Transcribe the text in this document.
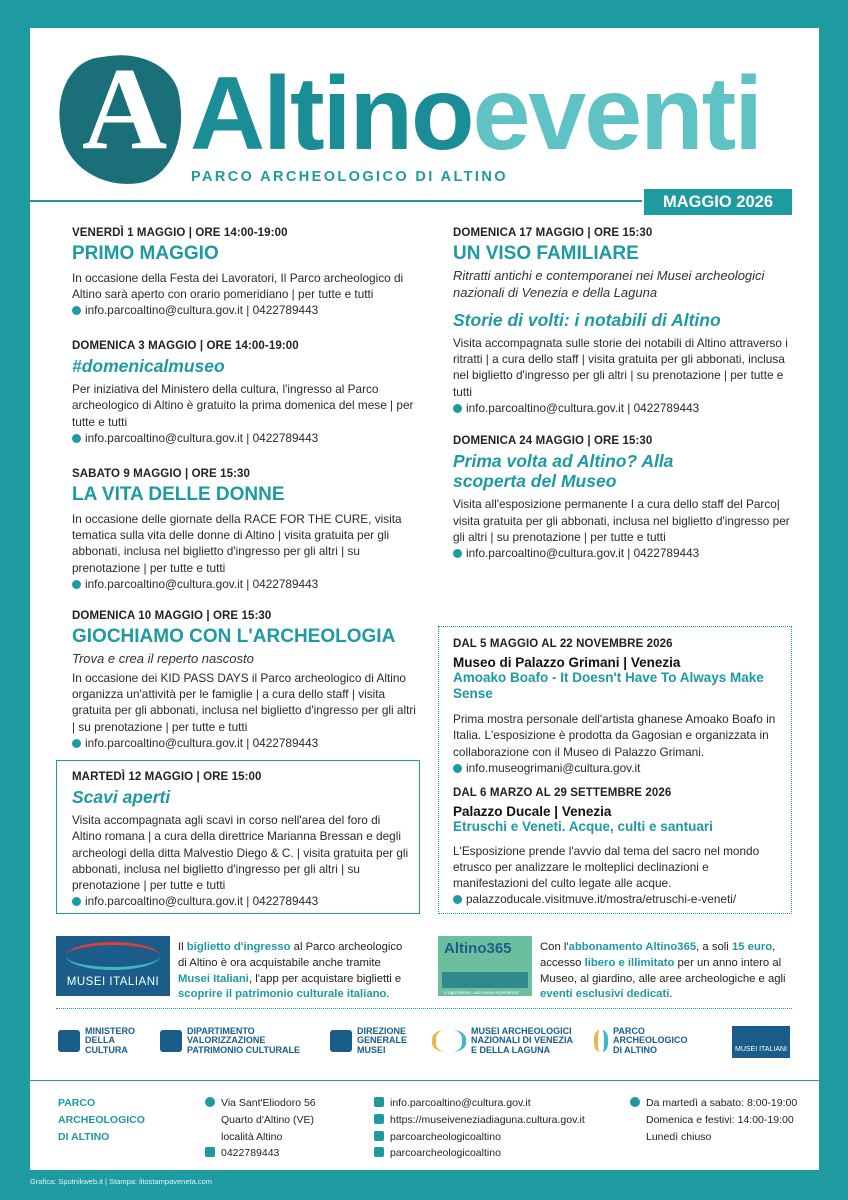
A Altinoeventi
PARCO ARCHEOLOGICO DI ALTINO
MAGGIO 2026
VENERDÌ 1 MAGGIO | ORE 14:00-19:00
PRIMO MAGGIO
In occasione della Festa dei Lavoratori, Il Parco archeologico di Altino sarà aperto con orario pomeridiano | per tutte e tutti
info.parcoaltino@cultura.gov.it | 0422789443
DOMENICA 3 MAGGIO | ORE 14:00-19:00
#domenicalmuseo
Per iniziativa del Ministero della cultura, l'ingresso al Parco archeologico di Altino è gratuito la prima domenica del mese | per tutte e tutti
info.parcoaltino@cultura.gov.it | 0422789443
SABATO 9 MAGGIO | ORE 15:30
LA VITA DELLE DONNE
In occasione delle giornate della RACE FOR THE CURE, visita tematica sulla vita delle donne di Altino | visita gratuita per gli abbonati, inclusa nel biglietto d'ingresso per gli altri | su prenotazione | per tutte e tutti
info.parcoaltino@cultura.gov.it | 0422789443
DOMENICA 10 MAGGIO | ORE 15:30
GIOCHIAMO CON L'ARCHEOLOGIA
Trova e crea il reperto nascosto
In occasione dei KID PASS DAYS il Parco archeologico di Altino organizza un'attività per le famiglie | a cura dello staff | visita gratuita per gli abbonati, inclusa nel biglietto d'ingresso per gli altri | su prenotazione | per tutte e tutti
info.parcoaltino@cultura.gov.it | 0422789443
MARTEDÌ 12 MAGGIO | ORE 15:00
Scavi aperti
Visita accompagnata agli scavi in corso nell'area del foro di Altino romana | a cura della direttrice Marianna Bressan e degli archeologi della ditta Malvestio Diego & C. | visita gratuita per gli abbonati, inclusa nel biglietto d'ingresso per gli altri | su prenotazione | per tutte e tutti
info.parcoaltino@cultura.gov.it | 0422789443
DOMENICA 17 MAGGIO | ORE 15:30
UN VISO FAMILIARE
Ritratti antichi e contemporanei nei Musei archeologici nazionali di Venezia e della Laguna
Storie di volti: i notabili di Altino
Visita accompagnata sulle storie dei notabili di Altino attraverso i ritratti | a cura dello staff | visita gratuita per gli abbonati, inclusa nel biglietto d'ingresso per gli altri | su prenotazione | per tutte e tutti
info.parcoaltino@cultura.gov.it | 0422789443
DOMENICA 24 MAGGIO | ORE 15:30
Prima volta ad Altino? Alla scoperta del Museo
Visita all'esposizione permanente I a cura dello staff del Parco| visita gratuita per gli abbonati, inclusa nel biglietto d'ingresso per gli altri | su prenotazione | per tutte e tutti
info.parcoaltino@cultura.gov.it | 0422789443
DAL 5 MAGGIO AL 22 NOVEMBRE 2026
Museo di Palazzo Grimani | Venezia
Amoako Boafo - It Doesn't Have To Always Make Sense
Prima mostra personale dell'artista ghanese Amoako Boafo in Italia. L'esposizione è prodotta da Gagosian e organizzata in collaborazione con il Museo di Palazzo Grimani.
info.museogrimani@cultura.gov.it
DAL 6 MARZO AL 29 SETTEMBRE 2026
Palazzo Ducale | Venezia
Etruschi e Veneti. Acque, culti e santuari
L'Esposizione prende l'avvio dal tema del sacro nel mondo etrusco per analizzare le molteplici declinazioni e manifestazioni del culto legate alle acque.
palazzoducale.visitmuve.it/mostra/etruschi-e-veneti/
MUSEI ITALIANI
Il biglietto d'ingresso al Parco archeologico di Altino è ora acquistabile anche tramite Musei Italiani, l'app per acquistare biglietti e scoprire il patrimonio culturale italiano.
Altino365
A ogni ritorno, una nuova esperienza!
Con l'abbonamento Altino365, a soli 15 euro, accesso libero e illimitato per un anno intero al Museo, al giardino, alle aree archeologiche e agli eventi esclusivi dedicati.
MINISTERO
DELLA
CULTURA
DIPARTIMENTO
VALORIZZAZIONE
PATRIMONIO CULTURALE
DIREZIONE
GENERALE
MUSEI
MUSEI ARCHEOLOGICI
NAZIONALI DI VENEZIA
E DELLA LAGUNA
PARCO
ARCHEOLOGICO
DI ALTINO	MUSEI ITALIANI
PARCO
ARCHEOLOGICO
DI ALTINO
Via Sant'Eliodoro 56
Quarto d'Altino (VE)
località Altino
0422789443
info.parcoaltino@cultura.gov.it
https://museiveneziadiaguna.cultura.gov.it
parcoarcheologicoaltino
parcoarcheologicoaltino
Da martedì a sabato: 8:00-19:00
Domenica e festivi: 14:00-19:00
Lunedì chiuso
Grafica: Sputnikweb.it | Stampa: litostampaveneta.com
